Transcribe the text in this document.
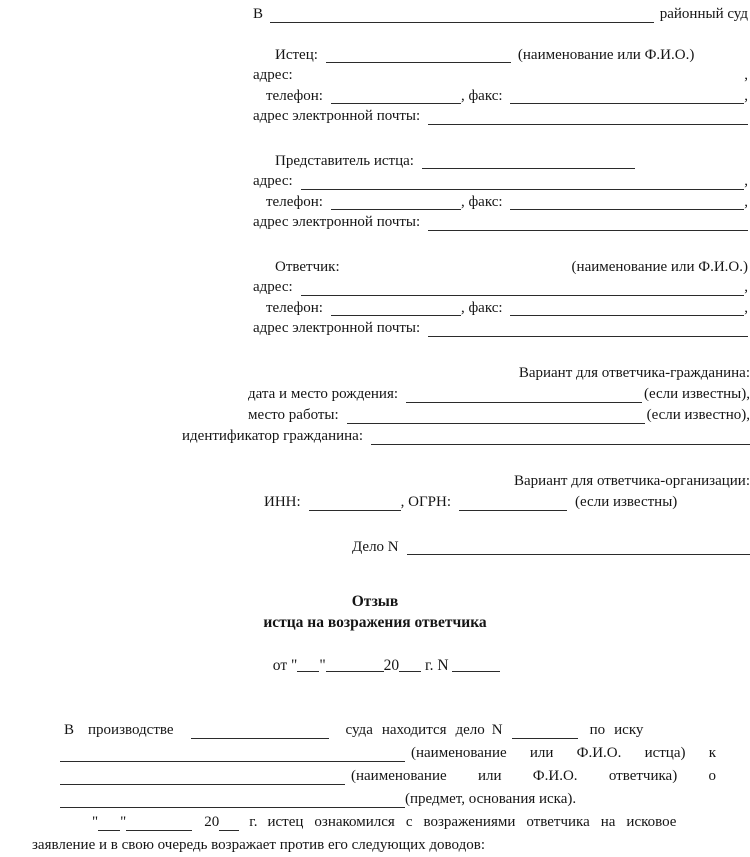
В	районный суд
Истец:	(наименование или Ф.И.О.)
адрес:	,
телефон:	, факс:	,
адрес электронной почты:
Представитель истца:
адрес:	,
телефон:	, факс:	,
адрес электронной почты:
Ответчик:	(наименование или Ф.И.О.)
адрес:	,
телефон:	, факс:	,
адрес электронной почты:
Вариант для ответчика-гражданина:
дата и место рождения:	(если известны),
место работы:	(если известно),
идентификатор гражданина:
Вариант для ответчика-организации:
ИНН:	, ОГРН:	(если известны)
Дело N
Отзыв
истца на возражения ответчика

от " "	20 г. N

В производстве	суда находится дело N	по иску
(наименование или Ф.И.О. истца) к
(наименование или Ф.И.О. ответчика) о
(предмет, основания иска).
" "	20 г. истец ознакомился с возражениями ответчика на исковое
заявление и в свою очередь возражает против его следующих доводов:
